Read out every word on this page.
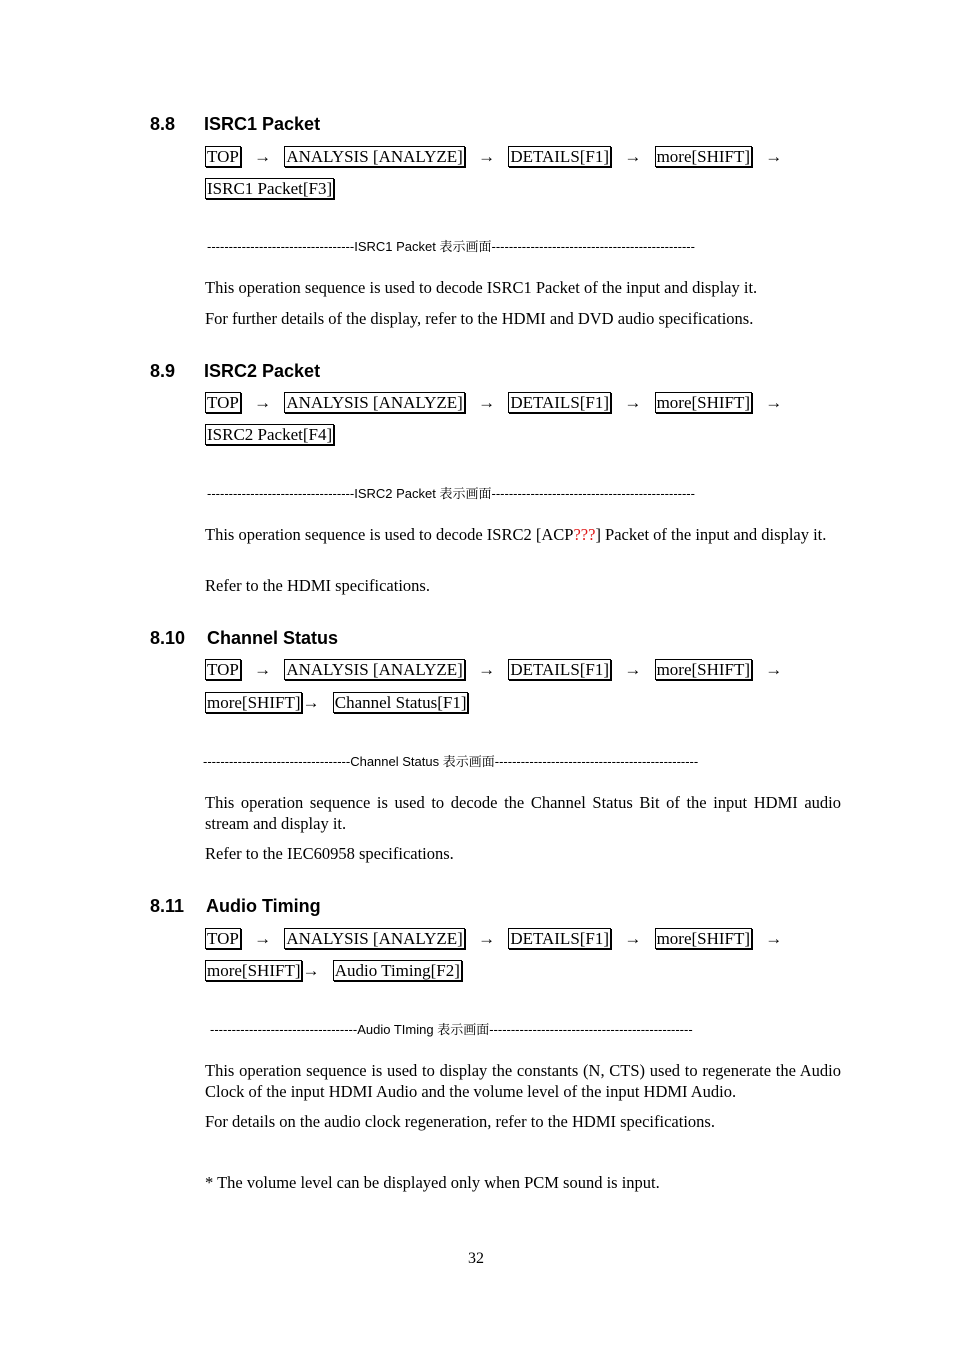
8.8 ISRC1 Packet
TOP → ANALYSIS [ANALYZE] → DETAILS[F1] → more[SHIFT] →
ISRC1 Packet[F3]
----------------------------------ISRC1 Packet 表示画面-----------------------------------------------
This operation sequence is used to decode ISRC1 Packet of the input and display it.
For further details of the display, refer to the HDMI and DVD audio specifications.
8.9 ISRC2 Packet
TOP → ANALYSIS [ANALYZE] → DETAILS[F1] → more[SHIFT] →
ISRC2 Packet[F4]
----------------------------------ISRC2 Packet 表示画面-----------------------------------------------
This operation sequence is used to decode ISRC2 [ACP???] Packet of the input and display it.
Refer to the HDMI specifications.
8.10 Channel Status
TOP → ANALYSIS [ANALYZE] → DETAILS[F1] → more[SHIFT] →
more[SHIFT] → Channel Status[F1]
----------------------------------Channel Status 表示画面-----------------------------------------------
This operation sequence is used to decode the Channel Status Bit of the input HDMI audio stream and display it.
Refer to the IEC60958 specifications.
8.11 Audio Timing
TOP → ANALYSIS [ANALYZE] → DETAILS[F1] → more[SHIFT] →
more[SHIFT] → Audio Timing[F2]
----------------------------------Audio TIming 表示画面-----------------------------------------------
This operation sequence is used to display the constants (N, CTS) used to regenerate the Audio Clock of the input HDMI Audio and the volume level of the input HDMI Audio.
For details on the audio clock regeneration, refer to the HDMI specifications.
* The volume level can be displayed only when PCM sound is input.
32
